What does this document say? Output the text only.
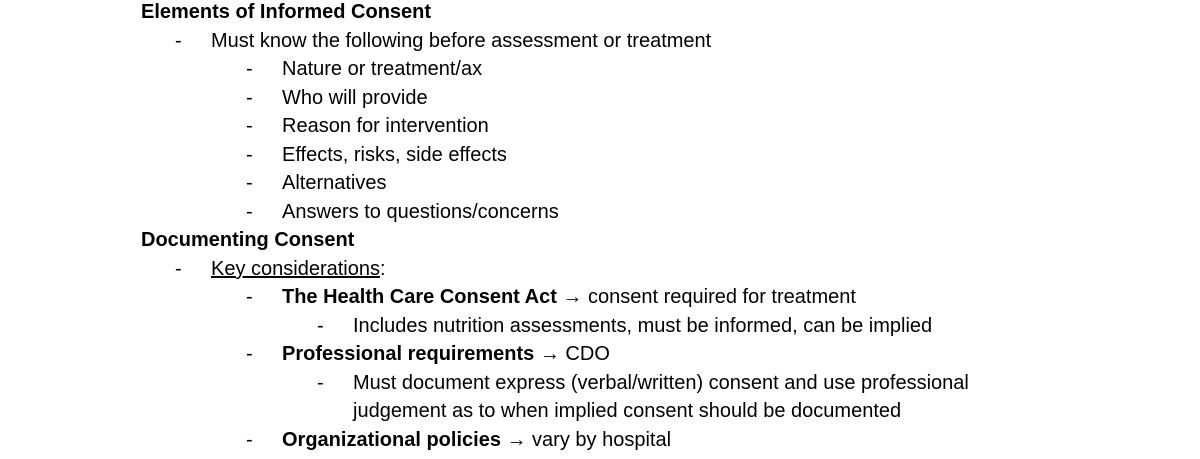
Elements of Informed Consent
- Must know the following before assessment or treatment
- Nature or treatment/ax
- Who will provide
- Reason for intervention
- Effects, risks, side effects
- Alternatives
- Answers to questions/concerns
Documenting Consent
- Key considerations:
- The Health Care Consent Act → consent required for treatment
- Includes nutrition assessments, must be informed, can be implied
- Professional requirements → CDO
- Must document express (verbal/written) consent and use professional
judgement as to when implied consent should be documented
- Organizational policies → vary by hospital
